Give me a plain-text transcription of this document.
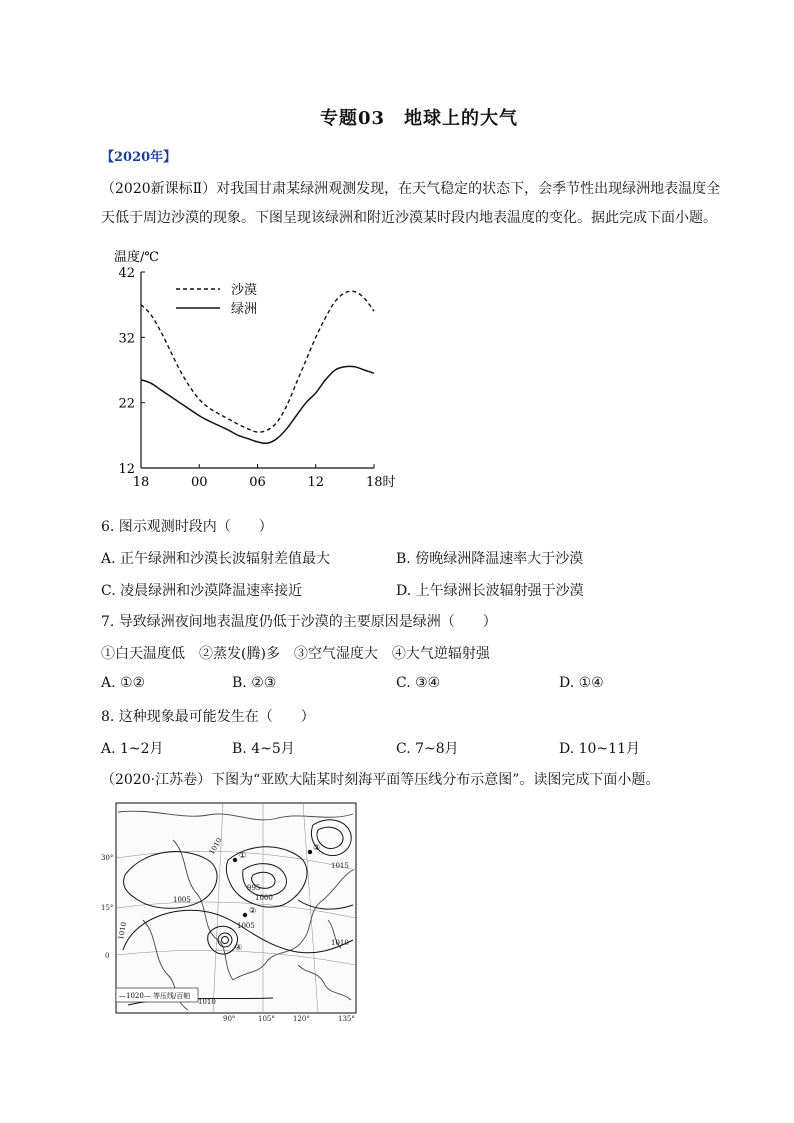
专题03　地球上的大气
【2020年】
（2020新课标Ⅱ）对我国甘肃某绿洲观测发现，在天气稳定的状态下，会季节性出现绿洲地表温度全
天低于周边沙漠的现象。下图呈现该绿洲和附近沙漠某时段内地表温度的变化。据此完成下面小题。
温度/℃
42
32
22
12
18	00	06	12	18时
沙漠
绿洲
6. 图示观测时段内（　　）
A. 正午绿洲和沙漠长波辐射差值最大	B. 傍晚绿洲降温速率大于沙漠
C. 凌晨绿洲和沙漠降温速率接近	D. 上午绿洲长波辐射强于沙漠
7. 导致绿洲夜间地表温度仍低于沙漠的主要原因是绿洲（　　）
①白天温度低　②蒸发(腾)多　③空气湿度大　④大气逆辐射强
A. ①②	B. ②③	C. ③④	D. ①④
8. 这种现象最可能发生在（　　）
A. 1~2月	B. 4~5月	C. 7~8月	D. 10~11月
（2020·江苏卷）下图为“亚欧大陆某时刻海平面等压线分布示意图”。读图完成下面小题。
①
②
③
④
1010
1005	1000
995
1005
1010
1015
1010
1010
30°
15°
0
90°	105°	120°	135°
—1020— 等压线/百帕
